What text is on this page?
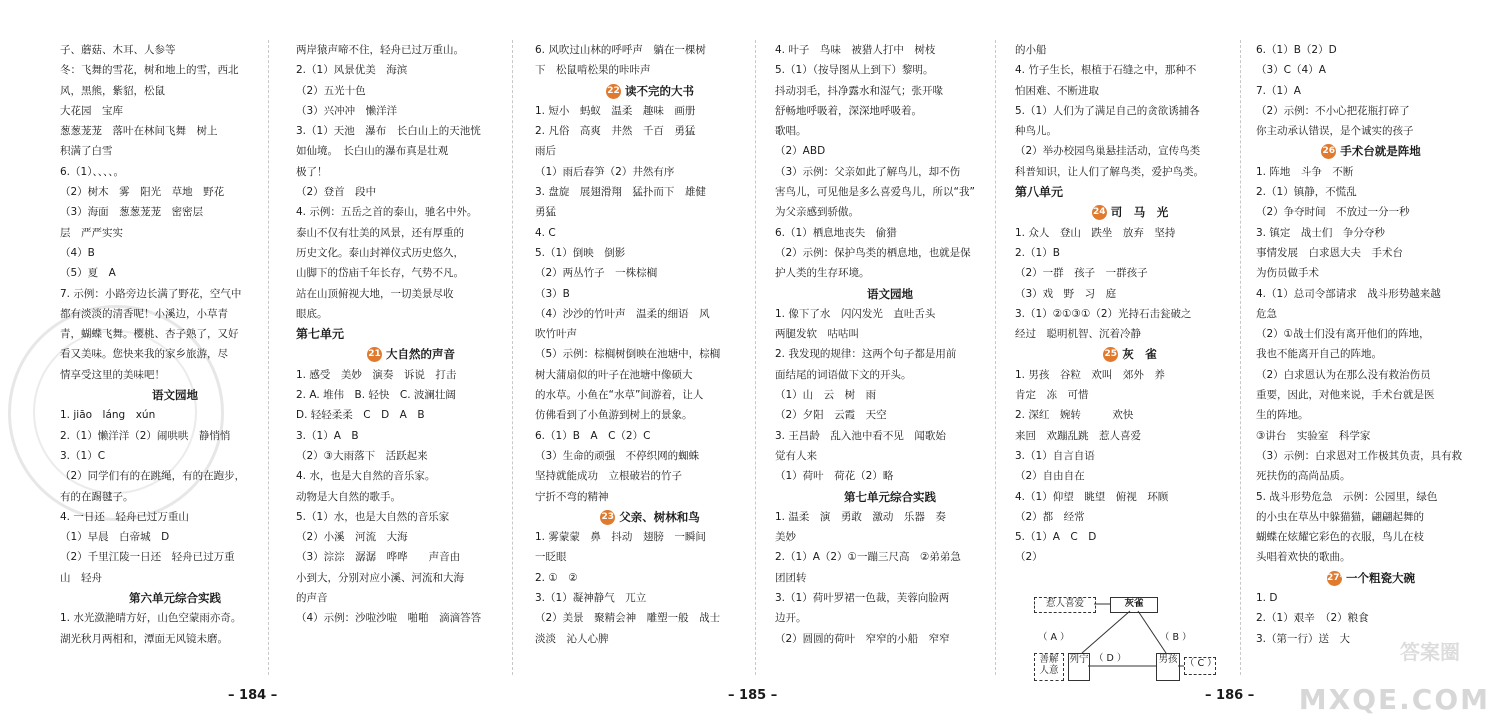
子、蘑菇、木耳、人参等
冬：飞舞的雪花，树和地上的雪，西北
风，黑熊，紫貂，松鼠
大花园　宝库
葱葱茏茏　落叶在林间飞舞　树上
积满了白雪
6.（1）、、、、。
（2）树木　雾　阳光　草地　野花
（3）海面　葱葱茏茏　密密层
层　严严实实
（4）B
（5）夏　A
7. 示例：小路旁边长满了野花，空气中
都有淡淡的清香呢！小溪边，小草青
青，蝴蝶飞舞。樱桃、杏子熟了，又好
看又美味。您快来我的家乡旅游，尽
情享受这里的美味吧！
语文园地
1. jiāo　láng　xún
2.（1）懒洋洋（2）闹哄哄　静悄悄
3.（1）C
（2）同学们有的在跳绳，有的在跑步，
有的在踢毽子。
4. 一日还　轻舟已过万重山
（1）早晨　白帝城　D
（2）千里江陵一日还　轻舟已过万重
山　轻舟
第六单元综合实践
1. 水光潋滟晴方好，山色空蒙雨亦奇。
湖光秋月两相和，潭面无风镜未磨。
两岸猿声啼不住，轻舟已过万重山。
2.（1）风景优美　海滨
（2）五光十色
（3）兴冲冲　懒洋洋
3.（1）天池　瀑布　长白山上的天池恍
如仙境。　长白山的瀑布真是壮观
极了！
（2）登首　段中
4. 示例：五岳之首的泰山，驰名中外。
泰山不仅有壮美的风景，还有厚重的
历史文化。泰山封禅仪式历史悠久，
山脚下的岱庙千年长存，气势不凡。
站在山顶俯视大地，一切美景尽收
眼底。
第七单元
21 大自然的声音
1. 感受　美妙　演奏　诉说　打击
2. A. 堆伟　B. 轻快　C. 波澜壮阔
D. 轻轻柔柔　C　D　A　B
3.（1）A　B
（2）③大雨落下　活跃起来
4. 水，也是大自然的音乐家。
动物是大自然的歌手。
5.（1）水，也是大自然的音乐家
（2）小溪　河流　大海
（3）淙淙　潺潺　哗哗　　声音由
小到大，分别对应小溪、河流和大海
的声音
（4）示例：沙啦沙啦　啪啪　滴滴答答
6. 风吹过山林的呼呼声　躺在一棵树
下　松鼠啃松果的咔咔声
22 读不完的大书
1. 短小　蚂蚁　温柔　趣味　画册
2. 凡俗　高爽　井然　千百　勇猛
雨后
（1）雨后春笋（2）井然有序
3. 盘旋　展翅滑翔　猛扑而下　雄健
勇猛
4. C
5.（1）倒映　倒影
（2）两丛竹子　一株棕榈
（3）B
（4）沙沙的竹叶声　温柔的细语　风
吹竹叶声
（5）示例：棕榈树倒映在池塘中，棕榈
树大蒲扇似的叶子在池塘中像硕大
的水草。小鱼在“水草”间游着，让人
仿佛看到了小鱼游到树上的景象。
6.（1）B　A　C（2）C
（3）生命的顽强　不停织网的蜘蛛
坚持就能成功　立根破岩的竹子
宁折不弯的精神
23 父亲、树林和鸟
1. 雾蒙蒙　鼻　抖动　翅膀　一瞬间
一眨眼
2. ①　②
3.（1）凝神静气　兀立
（2）美景　聚精会神　雕塑一般　战士
淡淡　沁人心脾
4. 叶子　鸟味　被猎人打中　树枝
5.（1）（按导图从上到下）黎明。
抖动羽毛，抖净露水和湿气；张开喙
舒畅地呼吸着，深深地呼吸着。
歌唱。
（2）ABD
（3）示例：父亲如此了解鸟儿，却不伤
害鸟儿，可见他是多么喜爱鸟儿，所以“我”
为父亲感到骄傲。
6.（1）栖息地丧失　偷猎
（2）示例：保护鸟类的栖息地，也就是保
护人类的生存环境。
语文园地
1. 像下了水　闪闪发光　直吐舌头
两腿发软　咕咕叫
2. 我发现的规律：这两个句子都是用前
面结尾的词语做下文的开头。
（1）山　云　树　雨
（2）夕阳　云霞　天空
3. 王昌龄　乱入池中看不见　闻歌始
觉有人来
（1）荷叶　荷花（2）略
第七单元综合实践
1. 温柔　演　勇敢　激动　乐器　奏
美妙
2.（1）A（2）①一蹦三尺高　②弟弟急
团团转
3.（1）荷叶罗裙一色裁，芙蓉向脸两
边开。
（2）圆圆的荷叶　窄窄的小船　窄窄
的小船
4. 竹子生长，根植于石缝之中，那种不
怕困难、不断进取
5.（1）人们为了满足自己的贪欲诱捕各
种鸟儿。
（2）举办校园鸟巢悬挂活动，宣传鸟类
科普知识，让人们了解鸟类，爱护鸟类。
第八单元
24 司　马　光
1. 众人　登山　跌坐　放弃　坚持
2.（1）B
（2）一群　孩子　一群孩子
（3）戏　野　习　庭
3.（1）②①③①（2）光持石击瓮破之
经过　聪明机智、沉着冷静
25 灰　雀
1. 男孩　谷粒　欢叫　郊外　养
肯定　冻　可惜
2. 深红　婉转　　　欢快
来回　欢蹦乱跳　惹人喜爱
3.（1）自言自语
（2）自由自在
4.（1）仰望　眺望　俯视　环顾
（2）都　经常
5.（1）A　C　D
（2）
6.（1）B（2）D
（3）C（4）A
7.（1）A
（2）示例：不小心把花瓶打碎了
你主动承认错误，是个诚实的孩子
26 手术台就是阵地
1. 阵地　斗争　不断
2.（1）镇静，不慌乱
（2）争夺时间　不放过一分一秒
3. 镇定　战士们　争分夺秒
事情发展　白求恩大夫　手术台
为伤员做手术
4.（1）总司令部请求　战斗形势越来越
危急
（2）①战士们没有离开他们的阵地，
我也不能离开自己的阵地。
（2）白求恩认为在那么没有救治伤员
重要，因此，对他来说，手术台就是医
生的阵地。
③讲台　实验室　科学家
（3）示例：白求恩对工作极其负责，具有救
死扶伤的高尚品质。
5. 战斗形势危急　示例：公园里，绿色
的小虫在草丛中躲猫猫，翩翩起舞的
蝴蝶在炫耀它彩色的衣服，鸟儿在枝
头唱着欢快的歌曲。
27* 一个粗瓷大碗
1. D
2.（1）艰辛　（2）粮食
3.（第一行）送　大
惹人喜爱	灰雀
（ A ）	（ B ）
（ D ）
善解人意
列宁	男孩 （ C ）
– 184 –	– 185 –	– 186 –
答案圈
MXQE.COM
